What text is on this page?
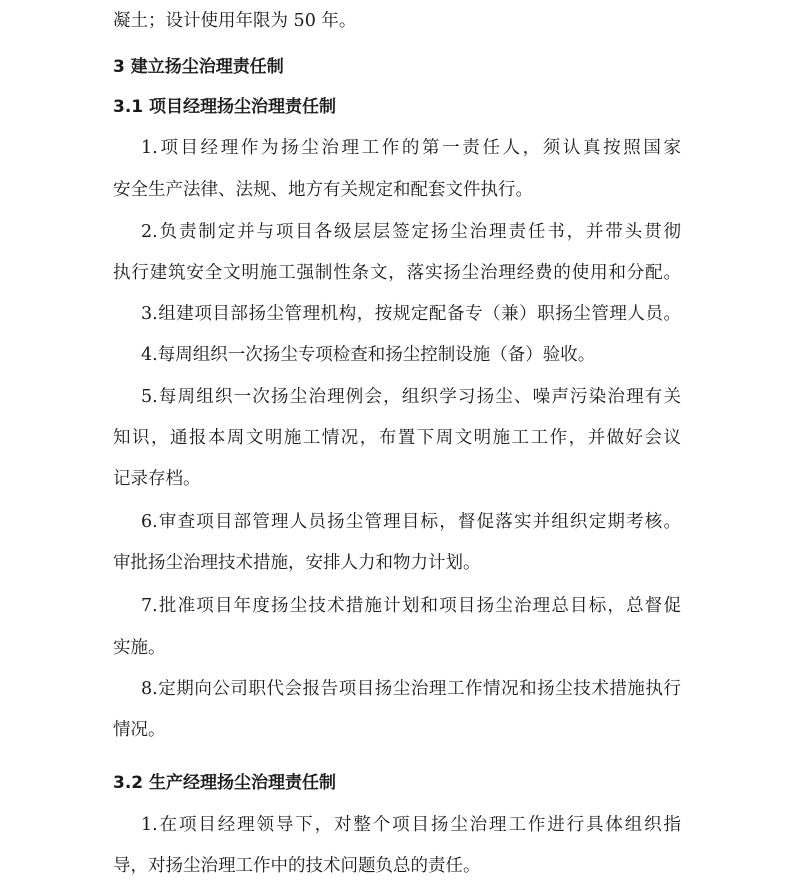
凝土；设计使用年限为 50 年。
3 建立扬尘治理责任制
3.1 项目经理扬尘治理责任制
1.项目经理作为扬尘治理工作的第一责任人，须认真按照国家
安全生产法律、法规、地方有关规定和配套文件执行。
2.负责制定并与项目各级层层签定扬尘治理责任书，并带头贯彻
执行建筑安全文明施工强制性条文，落实扬尘治理经费的使用和分配。
3.组建项目部扬尘管理机构，按规定配备专（兼）职扬尘管理人员。
4.每周组织一次扬尘专项检查和扬尘控制设施（备）验收。
5.每周组织一次扬尘治理例会，组织学习扬尘、噪声污染治理有关
知识，通报本周文明施工情况，布置下周文明施工工作，并做好会议
记录存档。
6.审查项目部管理人员扬尘管理目标，督促落实并组织定期考核。
审批扬尘治理技术措施，安排人力和物力计划。
7.批准项目年度扬尘技术措施计划和项目扬尘治理总目标，总督促
实施。
8.定期向公司职代会报告项目扬尘治理工作情况和扬尘技术措施执行
情况。
3.2 生产经理扬尘治理责任制
1.在项目经理领导下，对整个项目扬尘治理工作进行具体组织指
导，对扬尘治理工作中的技术问题负总的责任。
